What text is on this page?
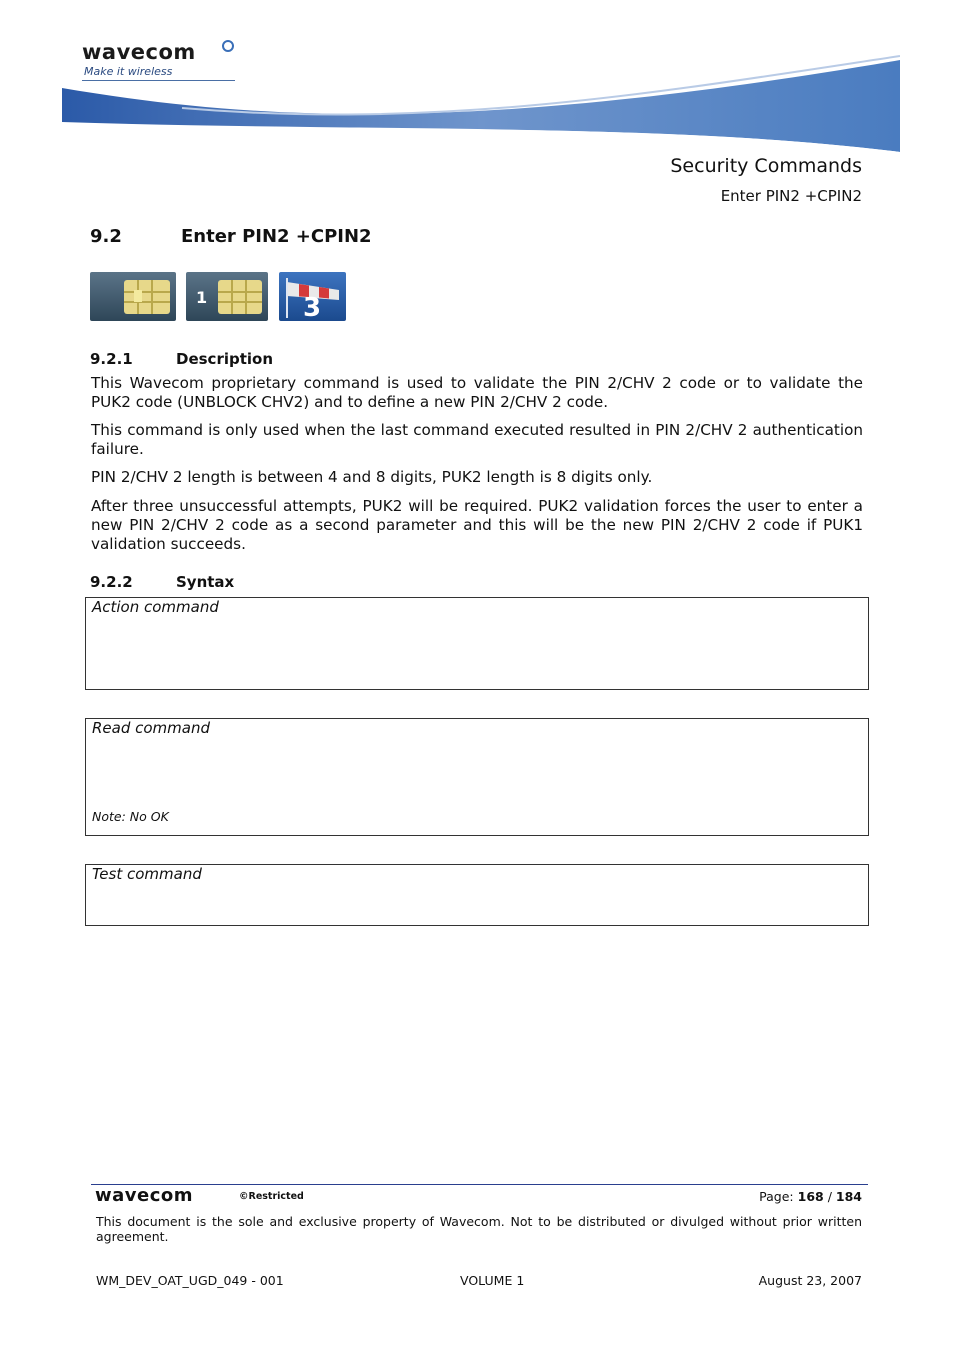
wavecom
Make it wireless
Security Commands
Enter PIN2 +CPIN2
9.2	Enter PIN2 +CPIN2
1	3
9.2.1	Description

This Wavecom proprietary command is used to validate the PIN 2/CHV 2 code or to validate the PUK2 code (UNBLOCK CHV2) and to define a new PIN 2/CHV 2 code.

This command is only used when the last command executed resulted in PIN 2/CHV 2 authentication failure.

PIN 2/CHV 2 length is between 4 and 8 digits, PUK2 length is 8 digits only.

After three unsuccessful attempts, PUK2 will be required. PUK2 validation forces the user to enter a new PIN 2/CHV 2 code as a second parameter and this will be the new PIN 2/CHV 2 code if PUK1 validation succeeds.

9.2.2	Syntax
Action command
Read command
Note: No OK
Test command
wavecom	©Restricted	Page: 168 / 184

This document is the sole and exclusive property of Wavecom. Not to be distributed or divulged without prior written agreement.

WM_DEV_OAT_UGD_049 - 001	VOLUME 1	August 23, 2007
